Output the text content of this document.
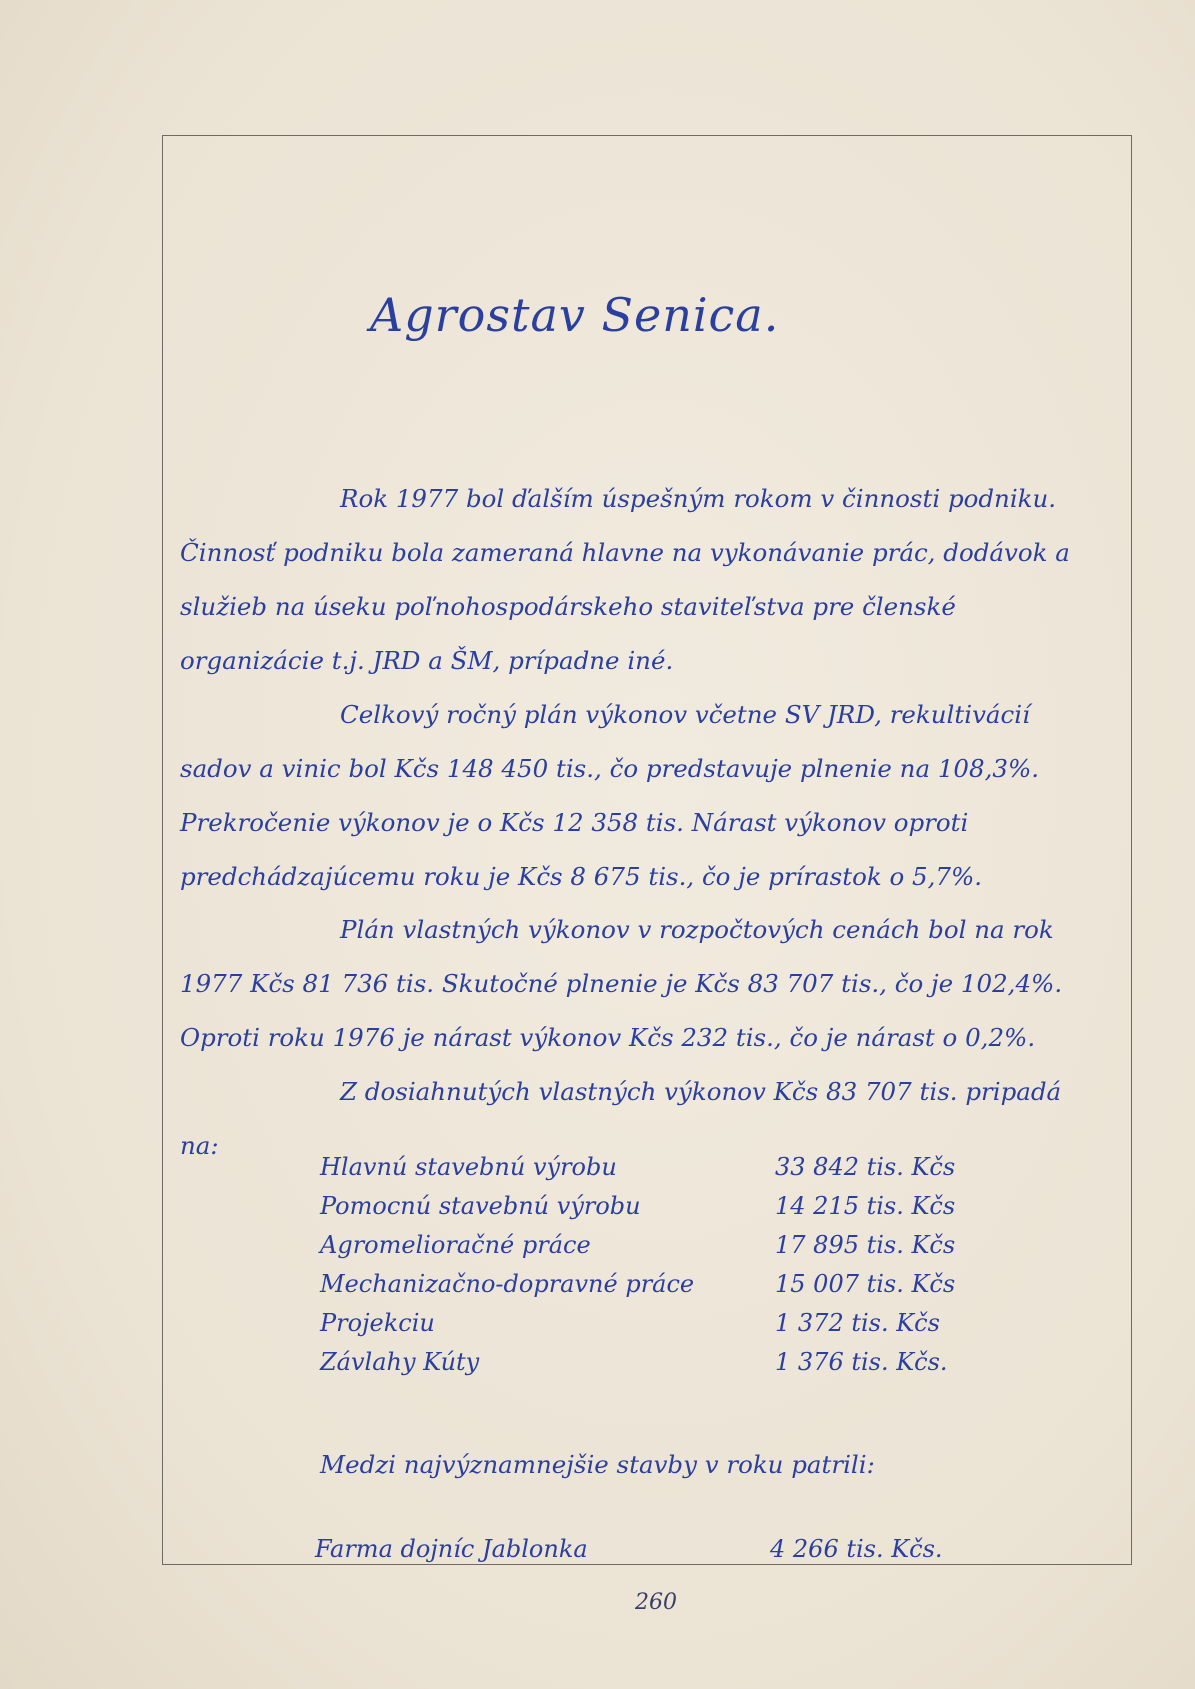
Agrostav Senica.

Rok 1977 bol ďalším úspešným rokom v činnosti podniku. Činnosť podniku bola zameraná hlavne na vykonávanie prác, dodávok a služieb na úseku poľnohospodárskeho staviteľstva pre členské organizácie t.j. JRD a ŠM, prípadne iné.

Celkový ročný plán výkonov včetne SV JRD, rekultivácií sadov a vinic bol Kčs 148 450 tis., čo predstavuje plnenie na 108,3%. Prekročenie výkonov je o Kčs 12 358 tis. Nárast výkonov oproti predchádzajúcemu roku je Kčs 8 675 tis., čo je prírastok o 5,7%.

Plán vlastných výkonov v rozpočtových cenách bol na rok 1977 Kčs 81 736 tis. Skutočné plnenie je Kčs 83 707 tis., čo je 102,4%. Oproti roku 1976 je nárast výkonov Kčs 232 tis., čo je nárast o 0,2%.

Z dosiahnutých vlastných výkonov Kčs 83 707 tis. pripadá na:

Hlavnú stavebnú výrobu	33 842 tis. Kčs
Pomocnú stavebnú výrobu	14 215 tis. Kčs
Agromelioračné práce	17 895 tis. Kčs
Mechanizačno-dopravné práce	15 007 tis. Kčs
Projekciu	1 372 tis. Kčs
Závlahy Kúty	1 376 tis. Kčs.
Medzi najvýznamnejšie stavby v roku patrili:
Farma dojníc Jablonka	4 266 tis. Kčs.
260
